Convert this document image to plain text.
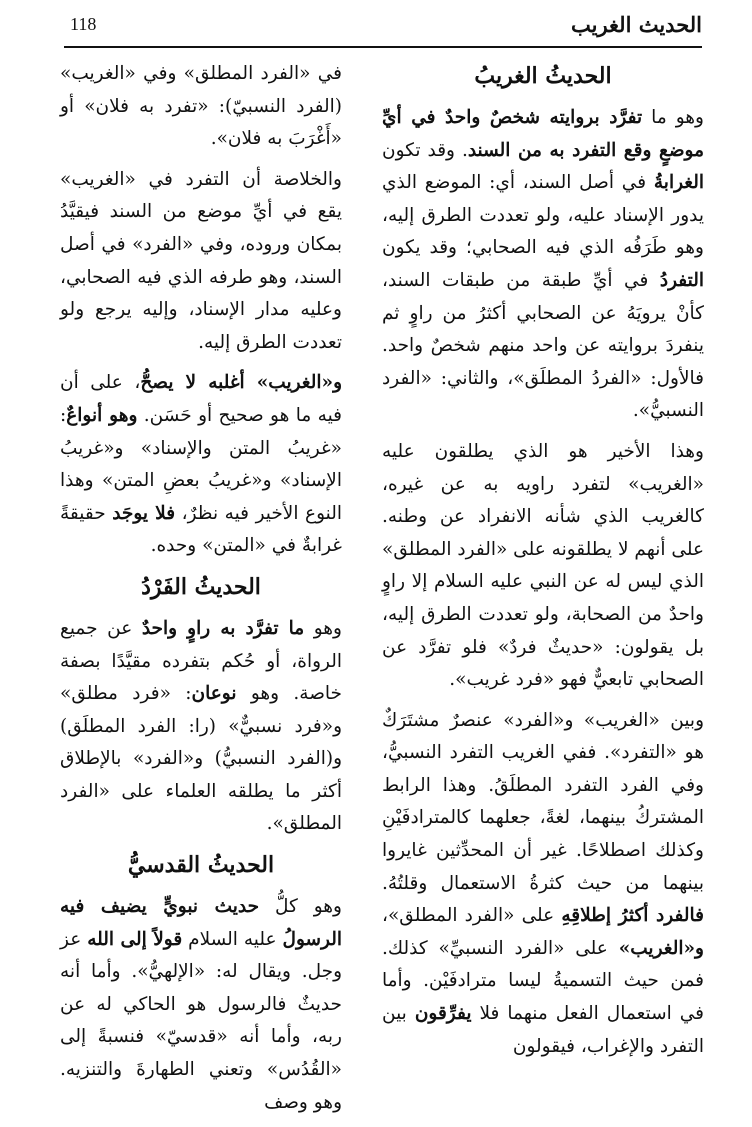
118	الحديث الغريب
الحديثُ الغريبُ

وهو ما تفرَّد بروايته شخصٌ واحدٌ في أيِّ موضعٍ وقع التفرد به من السند. وقد تكون الغرابةُ في أصل السند، أي: الموضع الذي يدور الإسناد عليه، ولو تعددت الطرق إليه، وهو طَرَفُه الذي فيه الصحابي؛ وقد يكون التفردُ في أيِّ طبقة من طبقات السند، كأنْ يرويَهُ عن الصحابي أكثرُ من راوٍ ثم ينفردَ بروايته عن واحد منهم شخصٌ واحد. فالأول: «الفردُ المطلَق»، والثاني: «الفرد النسبيُّ».

وهذا الأخير هو الذي يطلقون عليه «الغريب» لتفرد راويه به عن غيره، كالغريب الذي شأنه الانفراد عن وطنه. على أنهم لا يطلقونه على «الفرد المطلق» الذي ليس له عن النبي عليه السلام إلا راوٍ واحدٌ من الصحابة، ولو تعددت الطرق إليه، بل يقولون: «حديثٌ فردٌ» فلو تفرَّد عن الصحابي تابعيٌّ فهو «فرد غريب».

وبين «الغريب» و«الفرد» عنصرٌ مشتَرَكٌ هو «التفرد». ففي الغريب التفرد النسبيُّ، وفي الفرد التفرد المطلَقُ. وهذا الرابط المشتركُ بينهما، لغةً، جعلهما كالمترادفَيْنِ وكذلك اصطلاحًا. غير أن المحدِّثين غايروا بينهما من حيث كثرةُ الاستعمال وقلتُهُ. فالفرد أكثرُ إطلاقِهِ على «الفرد المطلق»، و«الغريب» على «الفرد النسبيِّ» كذلك. فمن حيث التسميةُ ليسا مترادفَيْن. وأما في استعمال الفعل منهما فلا يفرِّقون بين التفرد والإغراب، فيقولون

في «الفرد المطلق» وفي «الغريب» (الفرد النسبيّ): «تفرد به فلان» أو «أَغْرَبَ به فلان».

والخلاصة أن التفرد في «الغريب» يقع في أيِّ موضع من السند فيقيَّدُ بمكان وروده، وفي «الفرد» في أصل السند، وهو طرفه الذي فيه الصحابي، وعليه مدار الإسناد، وإليه يرجع ولو تعددت الطرق إليه.

و«الغريب» أغلبه لا يصحُّ، على أن فيه ما هو صحيح أو حَسَن. وهو أنواعٌ: «غريبُ المتن والإسناد» و«غريبُ الإسناد» و«غريبُ بعضِ المتن» وهذا النوع الأخير فيه نظرٌ، فلا يوجَد حقيقةً غرابةٌ في «المتن» وحده.

الحديثُ الفَرْدُ

وهو ما تفرَّد به راوٍ واحدٌ عن جميع الرواة، أو حُكم بتفرده مقيَّدًا بصفة خاصة. وهو نوعان: «فرد مطلق» و«فرد نسبيٌّ» (را: الفرد المطلَق) و(الفرد النسبيُّ) و«الفرد» بالإطلاق أكثر ما يطلقه العلماء على «الفرد المطلق».

الحديثُ القدسيُّ

وهو كلُّ حديث نبويٍّ يضيف فيه الرسولُ عليه السلام قولاً إلى الله عز وجل. ويقال له: «الإلهيُّ». وأما أنه حديثٌ فالرسول هو الحاكي له عن ربه، وأما أنه «قدسيّ» فنسبةً إلى «القُدُس» وتعني الطهارةَ والتنزيه. وهو وصف
